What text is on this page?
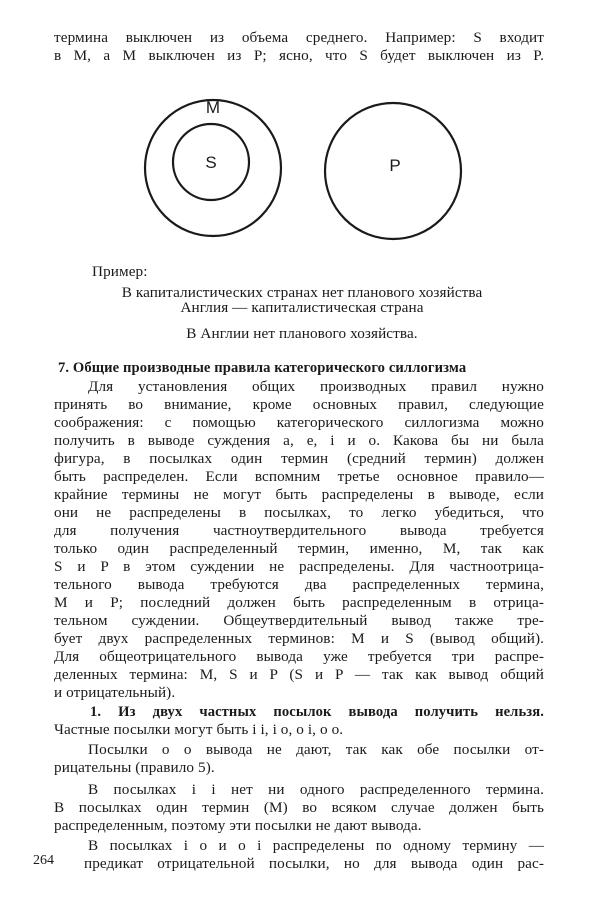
термина выключен из объема среднего. Например: S входит
в M, а M выключен из P; ясно, что S будет выключен из P.
M
S	P
Пример:
В капиталистических странах нет планового хозяйства
Англия — капиталистическая страна
В Англии нет планового хозяйства.
7. Общие производные правила категорического силлогизма
Для установления общих производных правил нужно
принять во внимание, кроме основных правил, следующие
соображения: с помощью категорического силлогизма можно
получить в выводе суждения a, e, i и o. Какова бы ни была
фигура, в посылках один термин (средний термин) должен
быть распределен. Если вспомним третье основное правило—
крайние термины не могут быть распределены в выводе, если
они не распределены в посылках, то легко убедиться, что
для получения частноутвердительного вывода требуется
только один распределенный термин, именно, M, так как
S и P в этом суждении не распределены. Для частноотрица-
тельного вывода требуются два распределенных термина,
M и P; последний должен быть распределенным в отрица-
тельном суждении. Общеутвердительный вывод также тре-
бует двух распределенных терминов: M и S (вывод общий).
Для общеотрицательного вывода уже требуется три распре-
деленных термина: M, S и P (S и P — так как вывод общий
и отрицательный).
1. Из двух частных посылок вывода получить нельзя.
Частные посылки могут быть i i, i o, o i, o o.
Посылки o o вывода не дают, так как обе посылки от-
рицательны (правило 5).
В посылках i i нет ни одного распределенного термина.
В посылках один термин (M) во всяком случае должен быть
распределенным, поэтому эти посылки не дают вывода.
В посылках i o и o i распределены по одному термину —
предикат отрицательной посылки, но для вывода один рас-
264
